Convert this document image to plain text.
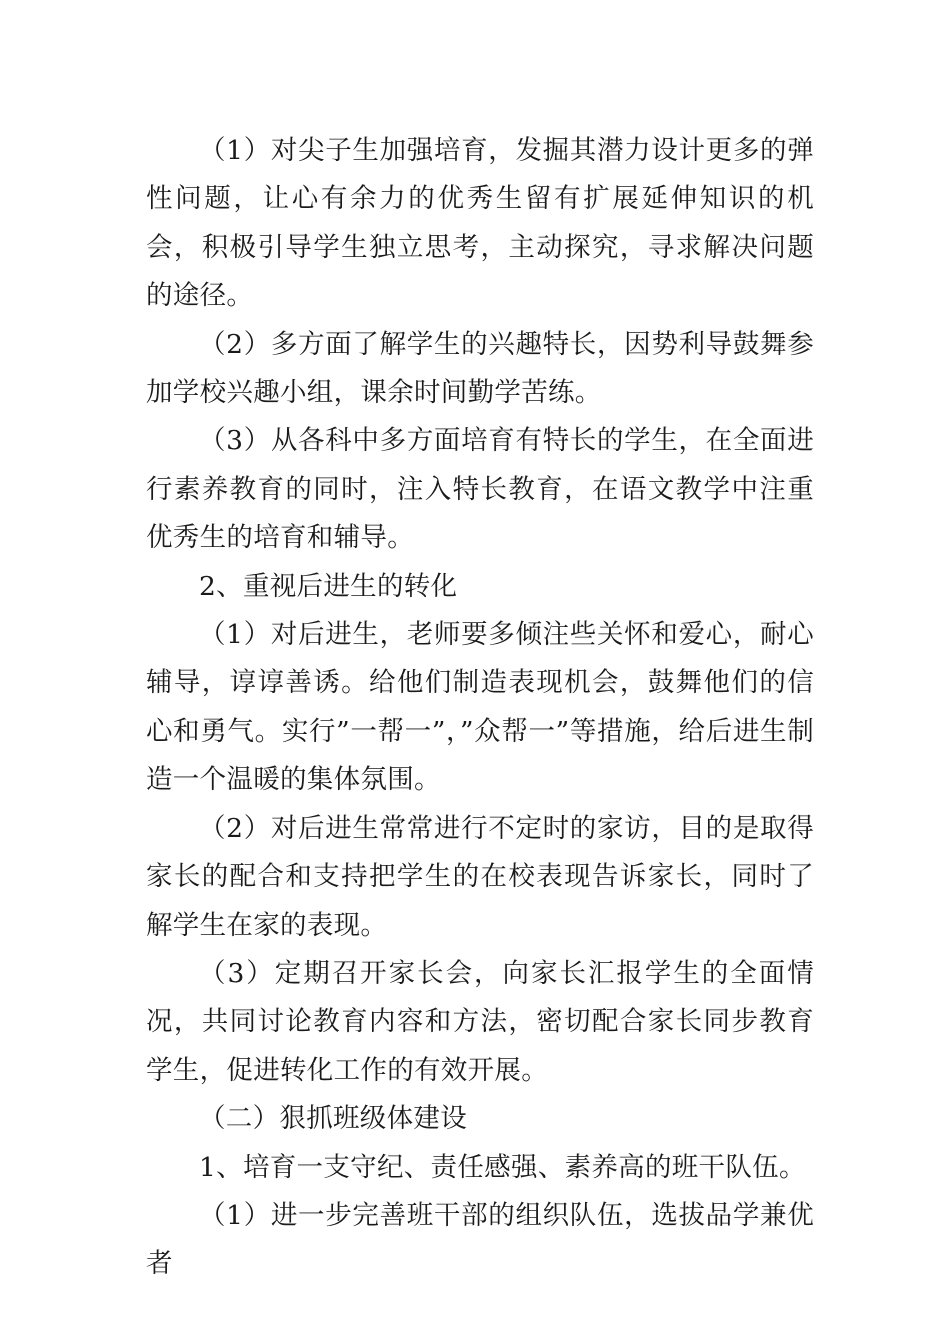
（1）对尖子生加强培育，发掘其潜力设计更多的弹性问题，让心有余力的优秀生留有扩展延伸知识的机会，积极引导学生独立思考，主动探究，寻求解决问题的途径。

（2）多方面了解学生的兴趣特长，因势利导鼓舞参加学校兴趣小组，课余时间勤学苦练。

（3）从各科中多方面培育有特长的学生，在全面进行素养教育的同时，注入特长教育，在语文教学中注重优秀生的培育和辅导。

2、重视后进生的转化

（1）对后进生，老师要多倾注些关怀和爱心，耐心辅导，谆谆善诱。给他们制造表现机会，鼓舞他们的信心和勇气。实行”一帮一”，”众帮一”等措施，给后进生制造一个温暖的集体氛围。

（2）对后进生常常进行不定时的家访，目的是取得家长的配合和支持把学生的在校表现告诉家长，同时了解学生在家的表现。

（3）定期召开家长会，向家长汇报学生的全面情况，共同讨论教育内容和方法，密切配合家长同步教育学生，促进转化工作的有效开展。

（二）狠抓班级体建设

1、培育一支守纪、责任感强、素养高的班干队伍。

（1）进一步完善班干部的组织队伍，选拔品学兼优者
